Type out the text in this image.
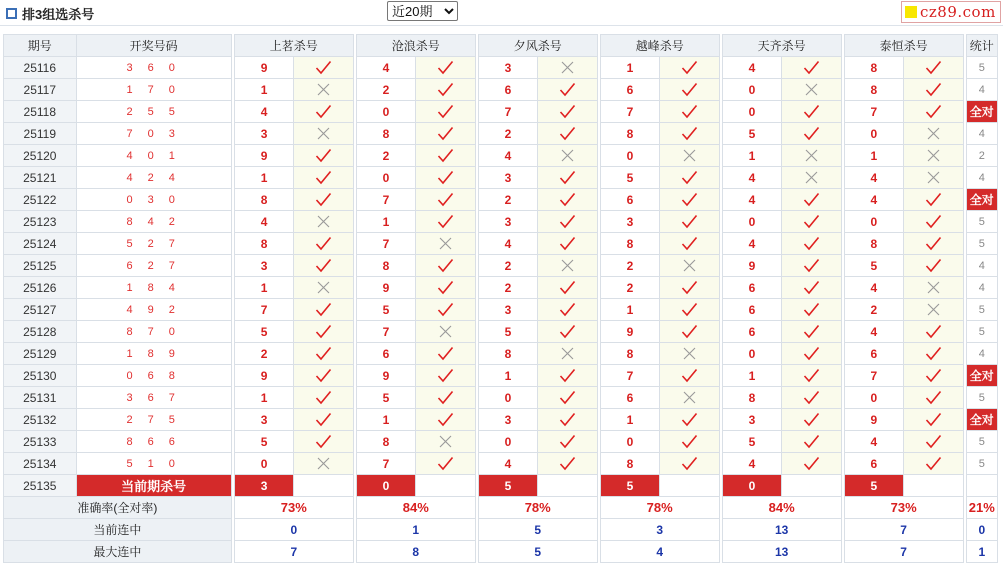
排3组选杀号
近20期	cz89.com
期号	开奖号码		上茗杀号			沧浪杀号			夕风杀号			越峰杀号			天齐杀号			泰恒杀号			统计
25116	3 6 0		9			4			3			1			4			8			5
25117	1 7 0		1			2			6			6			0			8			4
25118	2 5 5		4			0			7			7			0			7			全对
25119	7 0 3		3			8			2			8			5			0			4
25120	4 0 1		9			2			4			0			1			1			2
25121	4 2 4		1			0			3			5			4			4			4
25122	0 3 0		8			7			2			6			4			4			全对
25123	8 4 2		4			1			3			3			0			0			5
25124	5 2 7		8			7			4			8			4			8			5
25125	6 2 7		3			8			2			2			9			5			4
25126	1 8 4		1			9			2			2			6			4			4
25127	4 9 2		7			5			3			1			6			2			5
25128	8 7 0		5			7			5			9			6			4			5
25129	1 8 9		2			6			8			8			0			6			4
25130	0 6 8		9			9			1			7			1			7			全对
25131	3 6 7		1			5			0			6			8			0			5
25132	2 7 5		3			1			3			1			3			9			全对
25133	8 6 6		5			8			0			0			5			4			5
25134	5 1 0		0			7			4			8			4			6			5
25135	当前期杀号		3			0			5			5			0			5			
准确率(全对率)			73%			84%			78%			78%			84%			73%			21%
当前连中			0			1			5			3			13			7			0
最大连中			7			8			5			4			13			7			1
